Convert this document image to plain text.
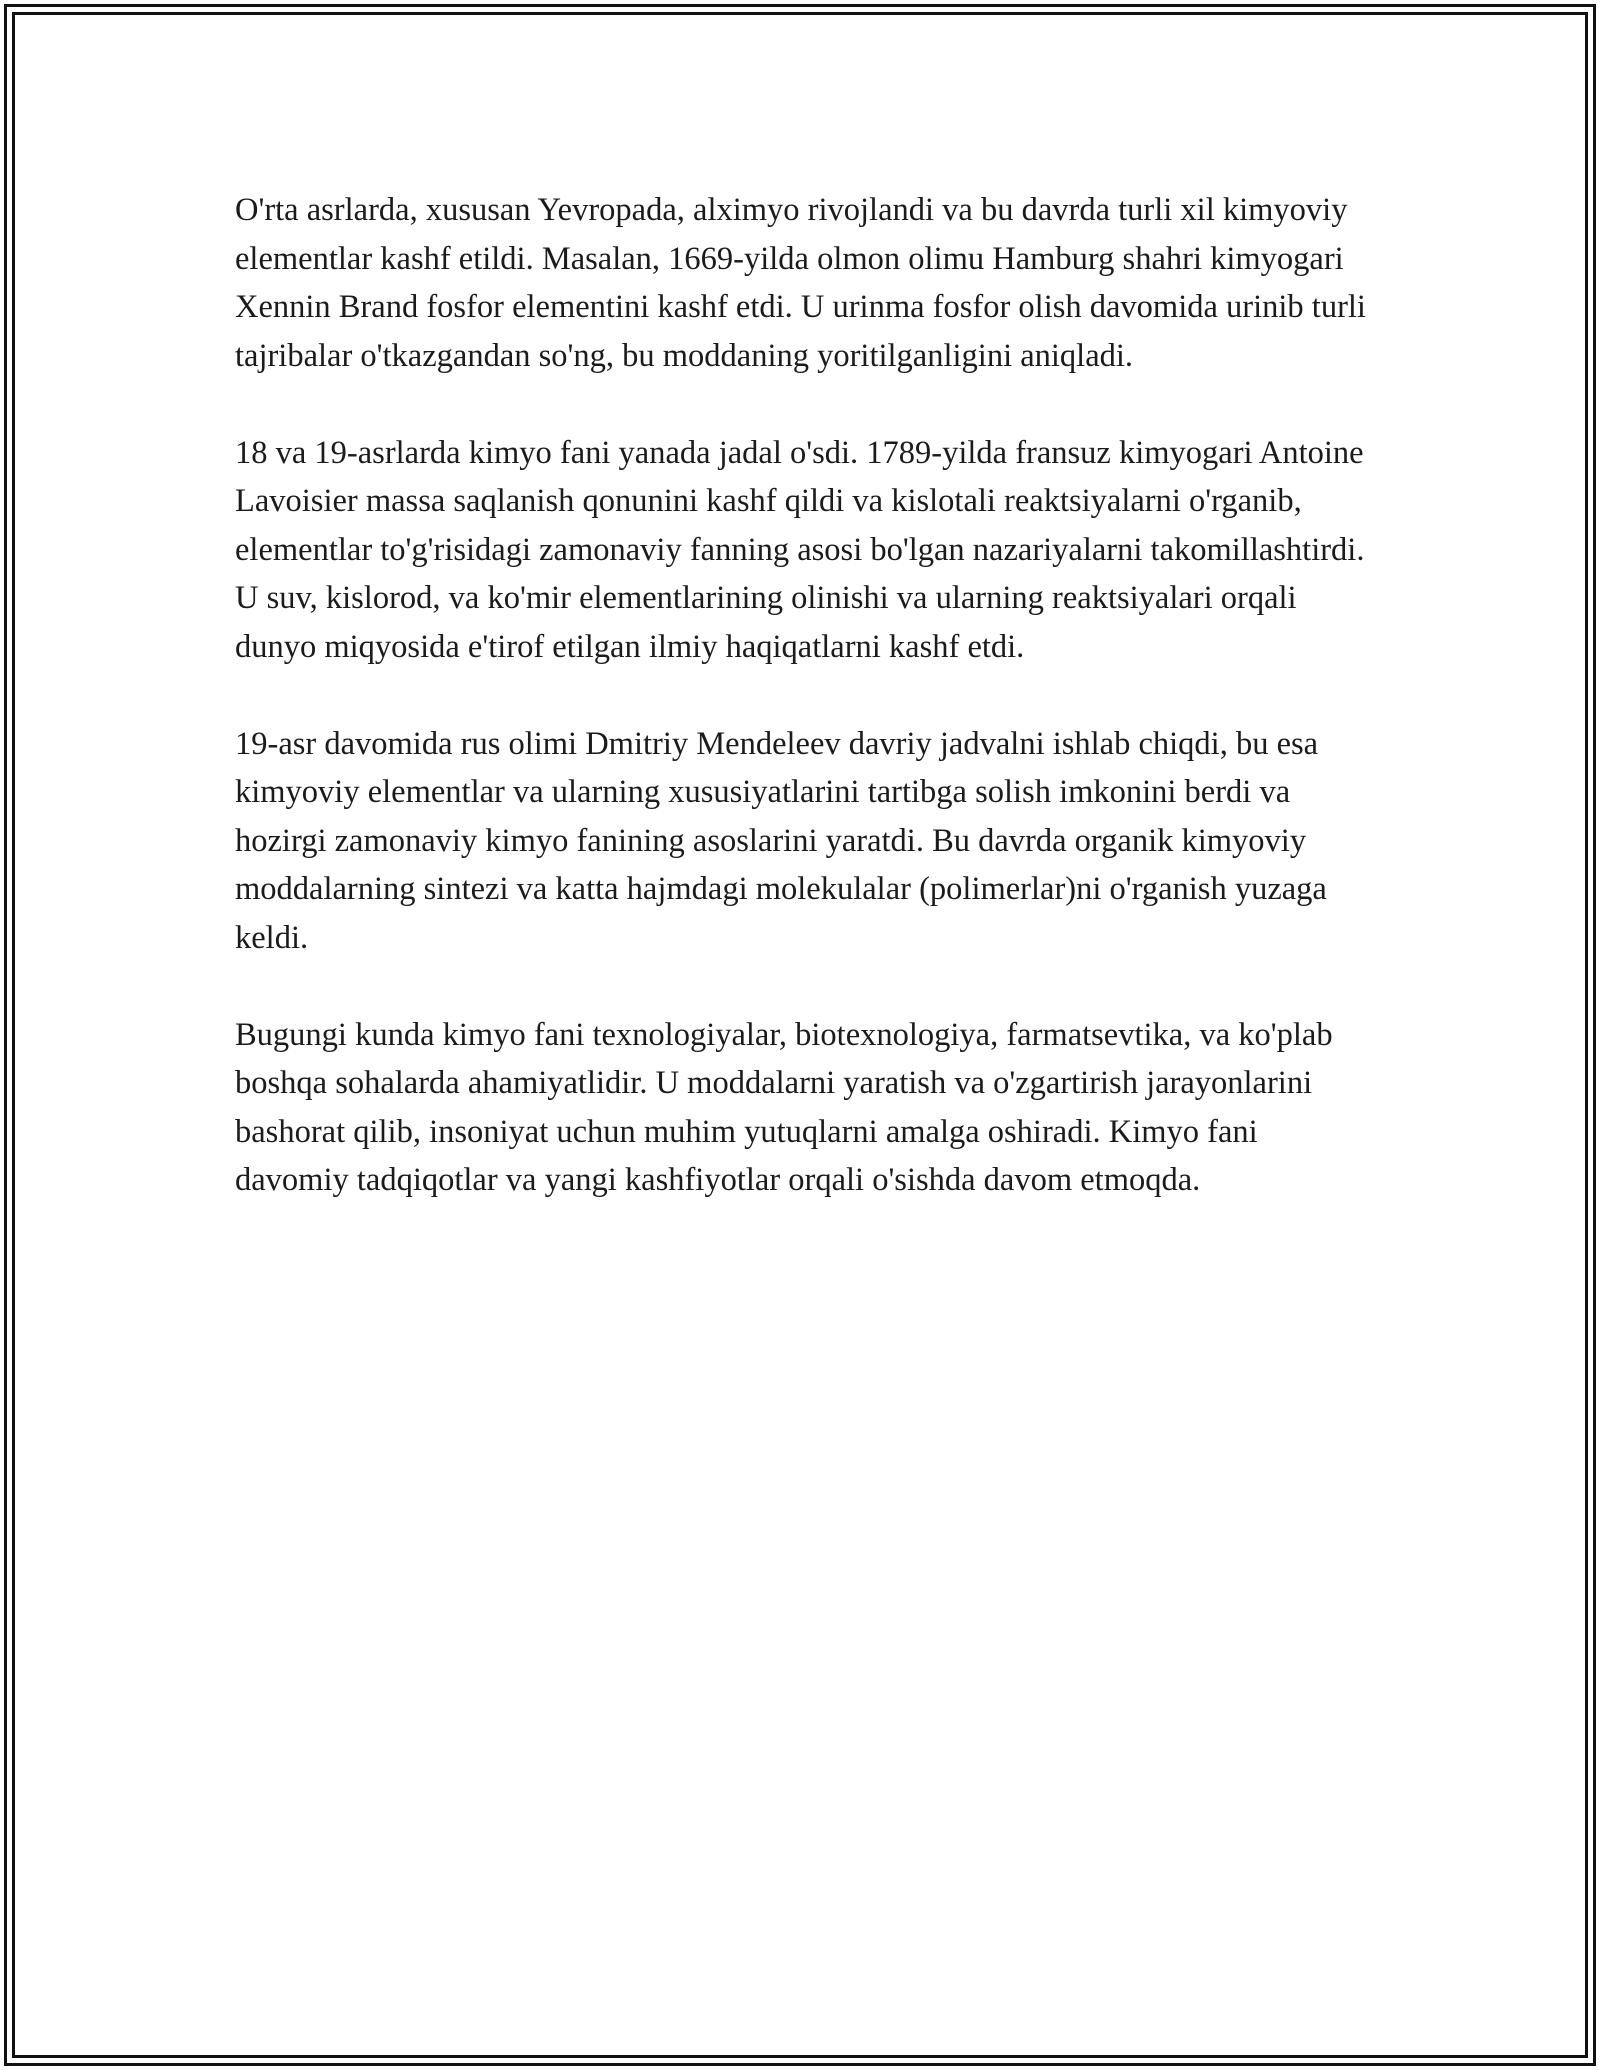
O'rta asrlarda, xususan Yevropada, alximyo rivojlandi va bu davrda turli xil kimyoviy elementlar kashf etildi. Masalan, 1669-yilda olmon olimu Hamburg shahri kimyogari Xennin Brand fosfor elementini kashf etdi. U urinma fosfor olish davomida urinib turli tajribalar o'tkazgandan so'ng, bu moddaning yoritilganligini aniqladi.

18 va 19-asrlarda kimyo fani yanada jadal o'sdi. 1789-yilda fransuz kimyogari Antoine Lavoisier massa saqlanish qonunini kashf qildi va kislotali reaktsiyalarni o'rganib, elementlar to'g'risidagi zamonaviy fanning asosi bo'lgan nazariyalarni takomillashtirdi. U suv, kislorod, va ko'mir elementlarining olinishi va ularning reaktsiyalari orqali dunyo miqyosida e'tirof etilgan ilmiy haqiqatlarni kashf etdi.

19-asr davomida rus olimi Dmitriy Mendeleev davriy jadvalni ishlab chiqdi, bu esa kimyoviy elementlar va ularning xususiyatlarini tartibga solish imkonini berdi va hozirgi zamonaviy kimyo fanining asoslarini yaratdi. Bu davrda organik kimyoviy moddalarning sintezi va katta hajmdagi molekulalar (polimerlar)ni o'rganish yuzaga keldi.

Bugungi kunda kimyo fani texnologiyalar, biotexnologiya, farmatsevtika, va ko'plab boshqa sohalarda ahamiyatlidir. U moddalarni yaratish va o'zgartirish jarayonlarini bashorat qilib, insoniyat uchun muhim yutuqlarni amalga oshiradi. Kimyo fani davomiy tadqiqotlar va yangi kashfiyotlar orqali o'sishda davom etmoqda.
